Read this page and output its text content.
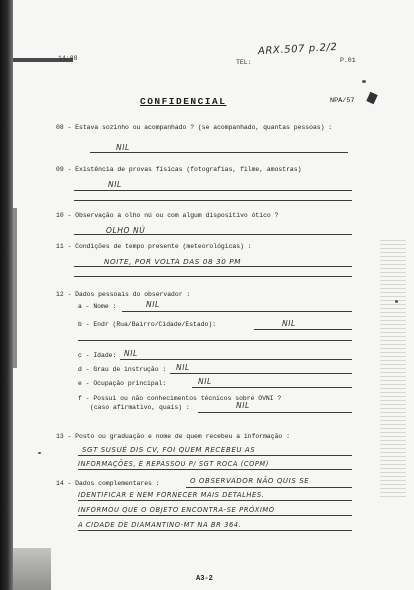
14:88
TEL:	P.01
ARX.507 p.2/2
CONFIDENCIAL	NPA/57
08 - Estava sozinho ou acompanhado ? (se acompanhado, quantas pessoas) :
NIL
09 - Existência de provas físicas (fotografias, filme, amostras)
NIL
10 - Observação a olho nú ou com algum dispositivo ótico ?
OLHO NÚ
11 - Condições de tempo presente (meteorológicas) :
NOITE, POR VOLTA DAS 08 30 PM
12 - Dados pessoais do observador :
a - Nome :	NIL
b - Endr (Rua/Bairro/Cidade/Estado):	NIL
c - Idade: NIL
d - Grau de instrução : NIL
e - Ocupação principal:	NIL
f - Possui ou não conhecimentos técnicos sobre OVNI ?
(caso afirmativo, quais) :	NIL
13 - Posto ou graduação e nome de quem recebeu a informação :
SGT SUSUÉ DIS CV, FOI QUEM RECEBEU AS
INFORMAÇÕES, E REPASSOU P/ SGT ROCA (COPM)
14 - Dados complementares :	O OBSERVADOR NÃO QUIS SE
IDENTIFICAR E NEM FORNECER MAIS DETALHES.
INFORMOU QUE O OBJETO ENCONTRA-SE PRÓXIMO
A CIDADE DE DIAMANTINO-MT NA BR 364.
A3-2
